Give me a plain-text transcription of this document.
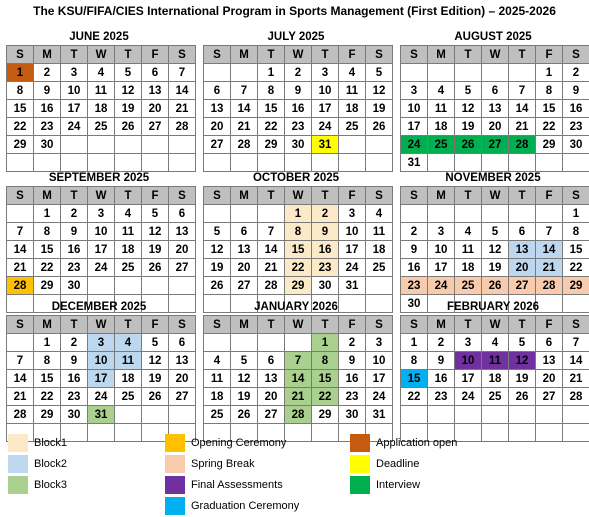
The KSU/FIFA/CIES International Program in Sports Management (First Edition) – 2025-2026
JUNE 2025
S	M	T	W	T	F	S
1	2	3	4	5	6	7
8	9	10	11	12	13	14
15	16	17	18	19	20	21
22	23	24	25	26	27	28
29	30					

JULY 2025
S	M	T	W	T	F	S
		1	2	3	4	5
6	7	8	9	10	11	12
13	14	15	16	17	18	19
20	21	22	23	24	25	26
27	28	29	30	31		

AUGUST 2025
S	M	T	W	T	F	S
					1	2
3	4	5	6	7	8	9
10	11	12	13	14	15	16
17	18	19	20	21	22	23
24	25	26	27	28	29	30
31						
SEPTEMBER 2025
S	M	T	W	T	F	S
	1	2	3	4	5	6
7	8	9	10	11	12	13
14	15	16	17	18	19	20
21	22	23	24	25	26	27
28	29	30				

OCTOBER 2025
S	M	T	W	T	F	S
			1	2	3	4
5	6	7	8	9	10	11
12	13	14	15	16	17	18
19	20	21	22	23	24	25
26	27	28	29	30	31	

NOVEMBER 2025
S	M	T	W	T	F	S
						1
2	3	4	5	6	7	8
9	10	11	12	13	14	15
16	17	18	19	20	21	22
23	24	25	26	27	28	29
30						
DECEMBER 2025
S	M	T	W	T	F	S
	1	2	3	4	5	6
7	8	9	10	11	12	13
14	15	16	17	18	19	20
21	22	23	24	25	26	27
28	29	30	31			

JANUARY 2026
S	M	T	W	T	F	S
				1	2	3
4	5	6	7	8	9	10
11	12	13	14	15	16	17
18	19	20	21	22	23	24
25	26	27	28	29	30	31

FEBRUARY 2026
S	M	T	W	T	F	S
1	2	3	4	5	6	7
8	9	10	11	12	13	14
15	16	17	18	19	20	21
22	23	24	25	26	27	28

Block1
Block2
Block3
Opening Ceremony
Spring Break
Final Assessments
Graduation Ceremony
Application open
Deadline
Interview
